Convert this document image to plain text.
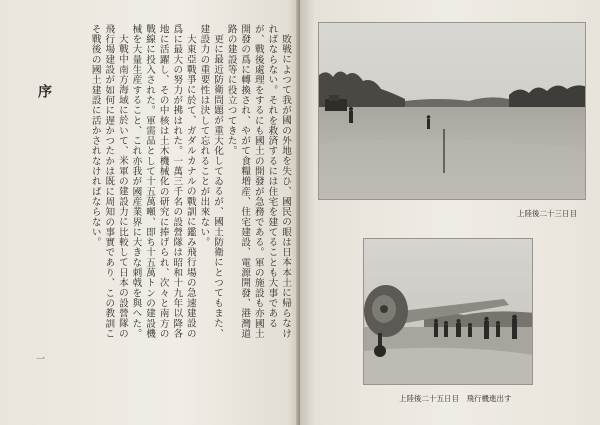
序	敗戦によつて我が國の外地を失ひ、國民の眼は日本本土に帰らなければならない。それを救済するには住宅を建てることも大事であるが、戰後處理をするにも國土の開發が急務である。軍の施設も亦國土開發の爲に轉換され、やがて食糧増産、住宅建設、電源開發、港灣道路の建設等に役立つてきた。

更に最近防衛問題が重大化してゐるが、國土防衛にとつてもまた、建設力の重要性は決して忘れることが出來ない。

大東亞戰爭に於て、ガダルカナルの戰訓に鑑み飛行場の急速建設の爲に最大の努力が拂はれた。一萬三千名の設營隊は昭和十九年以降各地に活躍し、その中核は土木機械化の研究に捧げられ、次々と南方の戰線に投入された。軍需品として十五萬噸、即ち十五萬トンの建設機械を大量生産すること、これ亦我が國産業界に大きな刺戟を與へた。

大戰中南方海域に於いて、米軍の建設力に比較して日本の設營隊の飛行場建設が如何に遅かつたかは既に周知の事實であり、この教訓こそ戰後の國土建設に活かされなければならない。

一
上陸後二十三日目
上陸後二十五日目　飛行機進出す
